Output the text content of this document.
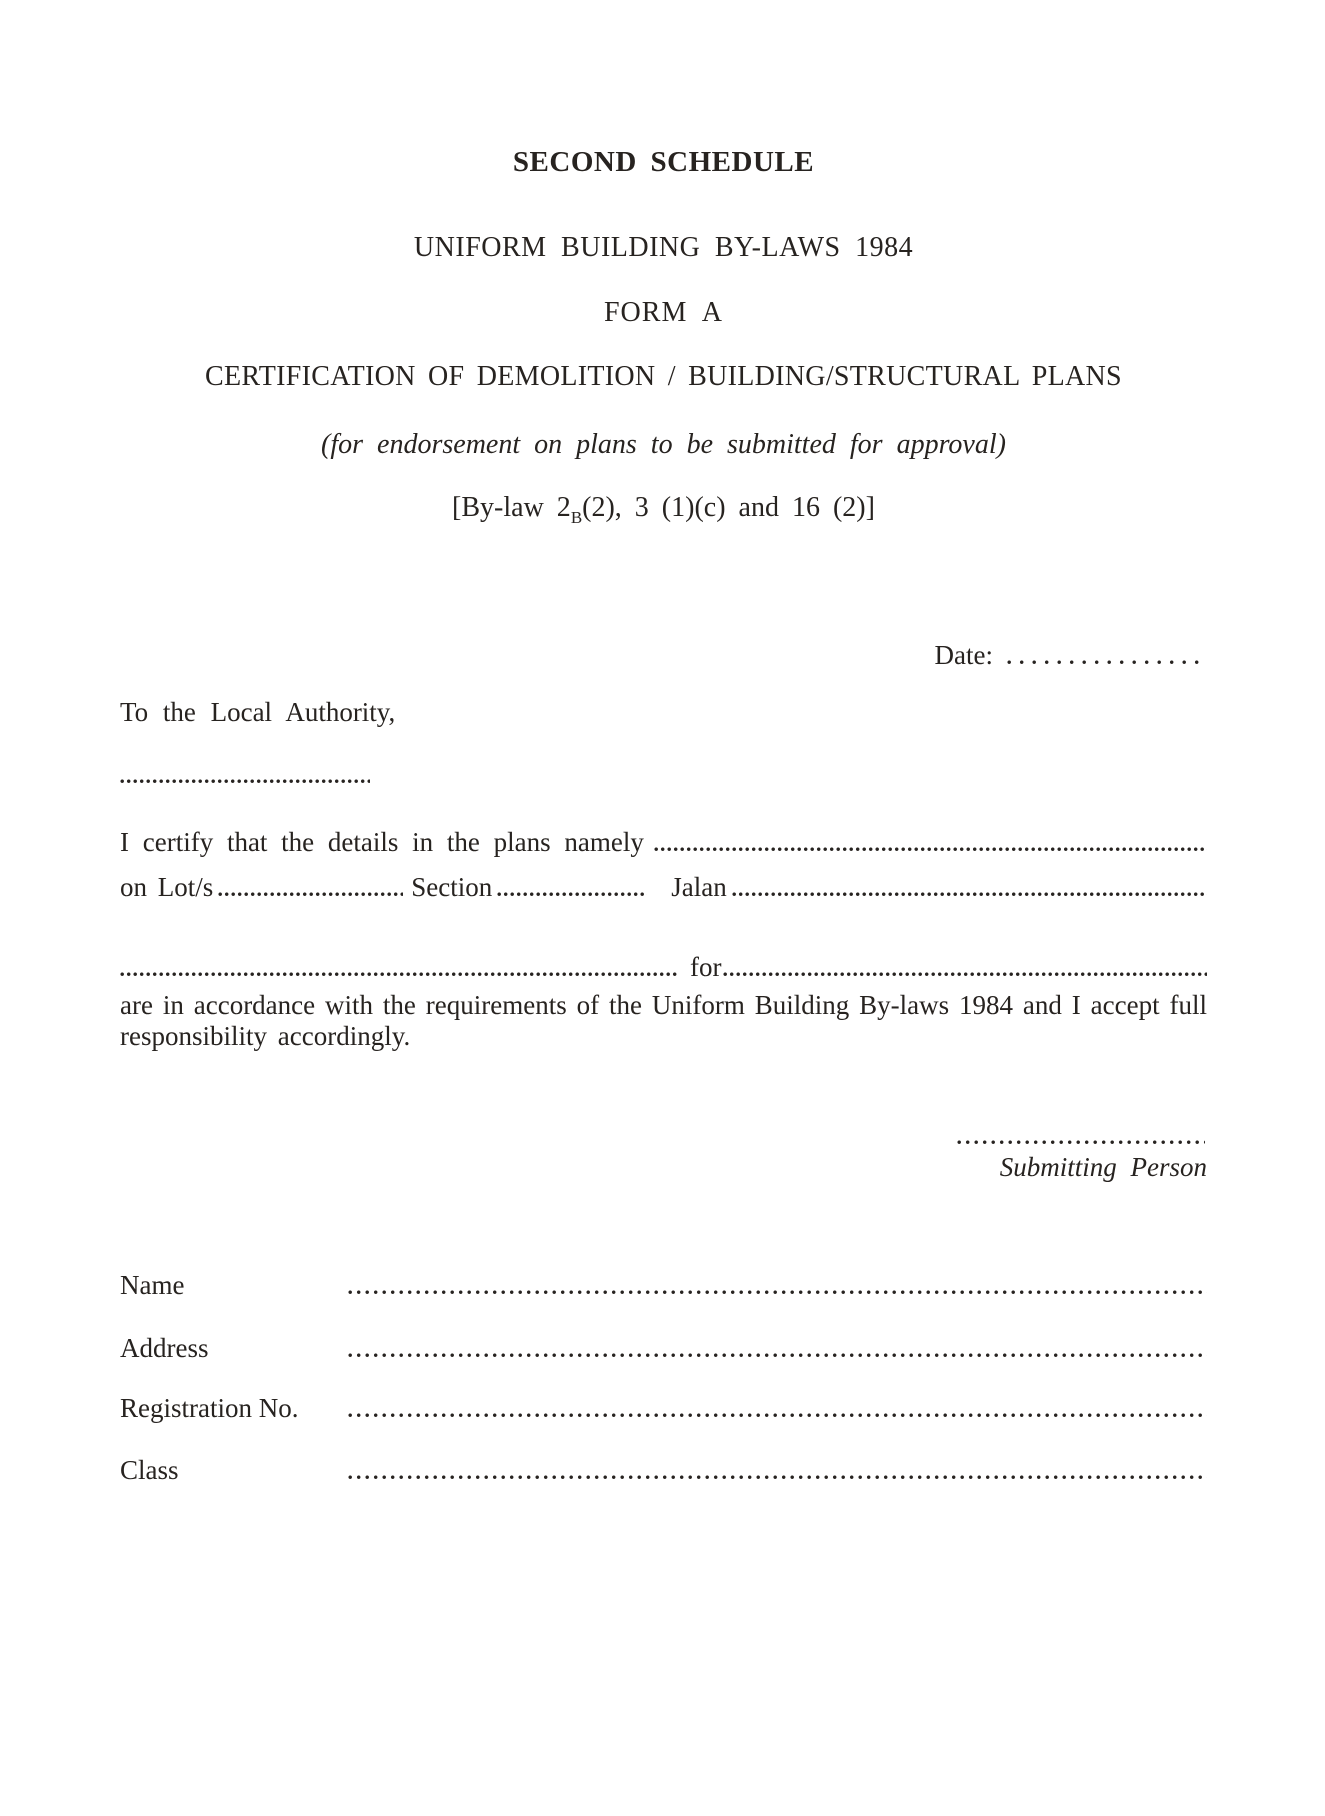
SECOND SCHEDULE
UNIFORM BUILDING BY-LAWS 1984
FORM A
CERTIFICATION OF DEMOLITION / BUILDING/STRUCTURAL PLANS
(for endorsement on plans to be submitted for approval)
[By-law $2_B(2)$, 3 (1)(c) and 16 (2)]
Date:
To the Local Authority,
I certify that the details in the plans namely
on Lot/s	Section	Jalan
for
are in accordance with the requirements of the Uniform Building By-laws 1984 and I accept full
responsibility accordingly.
Submitting Person
Name
Address
Registration No.
Class
